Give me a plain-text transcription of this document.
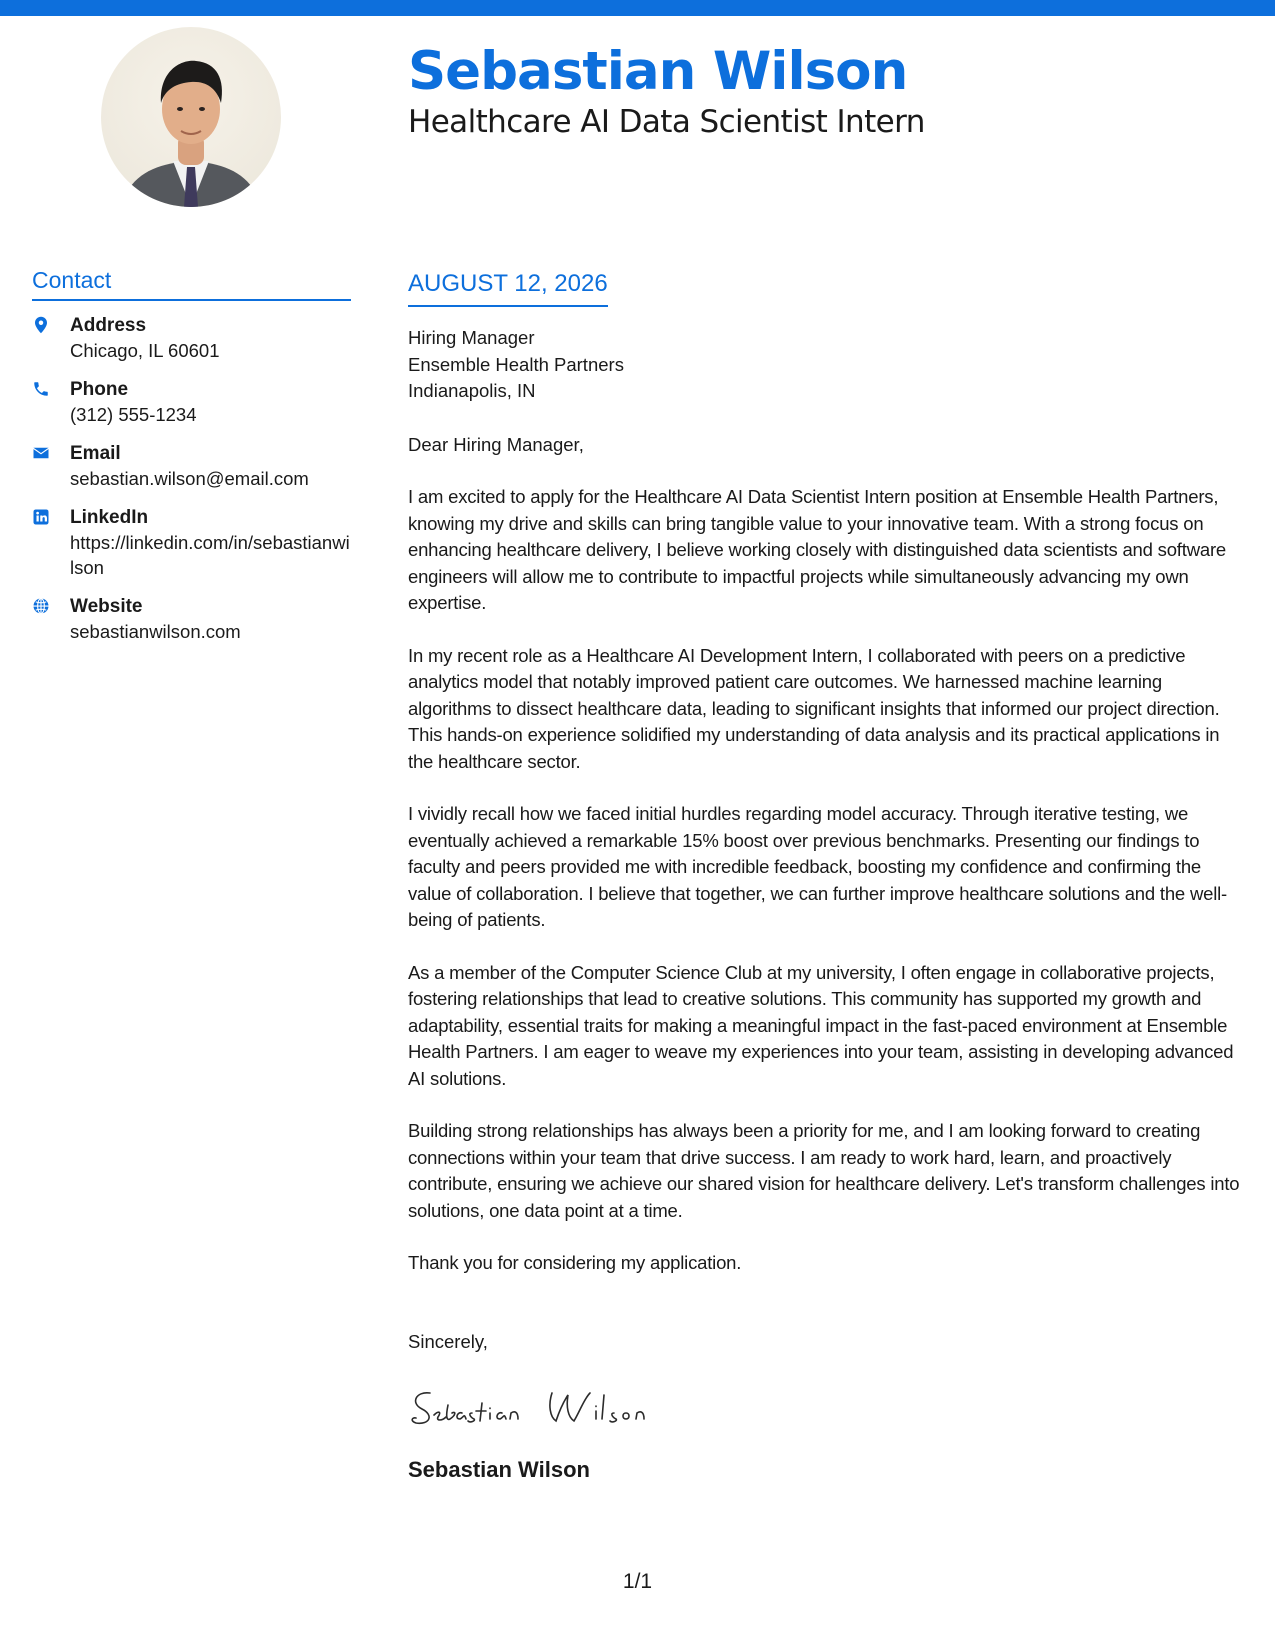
Sebastian Wilson
Healthcare AI Data Scientist Intern
Contact
Address
Chicago, IL 60601
Phone
(312) 555-1234
Email
sebastian.wilson@email.com
LinkedIn
https://linkedin.com/in/sebastianwilson
Website
sebastianwilson.com
AUGUST 12, 2026
Hiring Manager
Ensemble Health Partners
Indianapolis, IN
Dear Hiring Manager,

I am excited to apply for the Healthcare AI Data Scientist Intern position at Ensemble Health Partners, knowing my drive and skills can bring tangible value to your innovative team. With a strong focus on enhancing healthcare delivery, I believe working closely with distinguished data scientists and software engineers will allow me to contribute to impactful projects while simultaneously advancing my own expertise.

In my recent role as a Healthcare AI Development Intern, I collaborated with peers on a predictive analytics model that notably improved patient care outcomes. We harnessed machine learning algorithms to dissect healthcare data, leading to significant insights that informed our project direction. This hands-on experience solidified my understanding of data analysis and its practical applications in the healthcare sector.

I vividly recall how we faced initial hurdles regarding model accuracy. Through iterative testing, we eventually achieved a remarkable 15% boost over previous benchmarks. Presenting our findings to faculty and peers provided me with incredible feedback, boosting my confidence and confirming the value of collaboration. I believe that together, we can further improve healthcare solutions and the well-being of patients.

As a member of the Computer Science Club at my university, I often engage in collaborative projects, fostering relationships that lead to creative solutions. This community has supported my growth and adaptability, essential traits for making a meaningful impact in the fast-paced environment at Ensemble Health Partners. I am eager to weave my experiences into your team, assisting in developing advanced AI solutions.

Building strong relationships has always been a priority for me, and I am looking forward to creating connections within your team that drive success. I am ready to work hard, learn, and proactively contribute, ensuring we achieve our shared vision for healthcare delivery. Let's transform challenges into solutions, one data point at a time.

Thank you for considering my application.

Sincerely,
Sebastian Wilson
1/1
